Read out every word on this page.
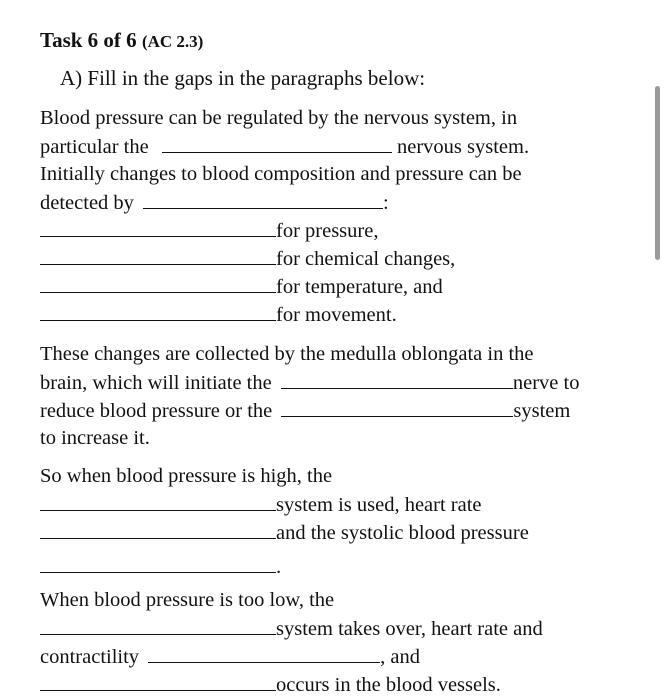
Task 6 of 6 (AC 2.3)
A) Fill in the gaps in the paragraphs below:
Blood pressure can be regulated by the nervous system, in
particular the	nervous system.
Initially changes to blood composition and pressure can be
detected by	:
for pressure,
for chemical changes,
for temperature, and
for movement.
These changes are collected by the medulla oblongata in the
brain, which will initiate the	nerve to
reduce blood pressure or the	system
to increase it.
So when blood pressure is high, the
system is used, heart rate
and the systolic blood pressure
.
When blood pressure is too low, the
system takes over, heart rate and
contractility	, and
occurs in the blood vessels.
